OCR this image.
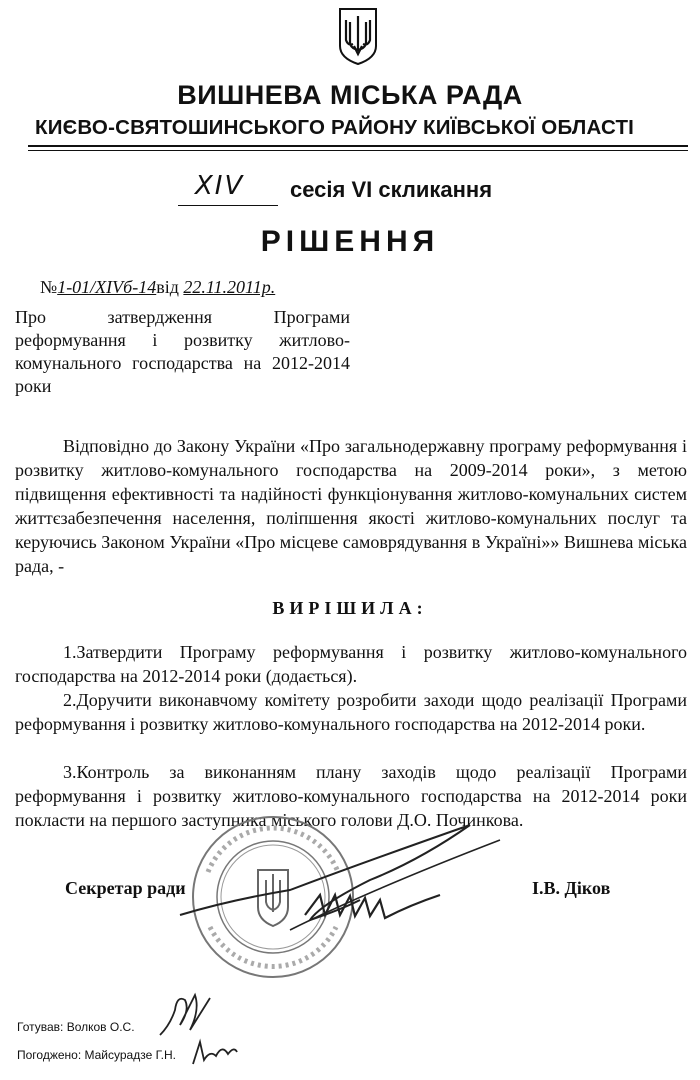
ВИШНЕВА МІСЬКА РАДА
КИЄВО-СВЯТОШИНСЬКОГО РАЙОНУ КИЇВСЬКОЇ ОБЛАСТІ
XIV сесія VI скликання
РІШЕННЯ
№1-01/XIVб-14від 22.11.2011р.
Про затвердження Програми реформування і розвитку житлово-комунального господарства на 2012-2014 роки
Відповідно до Закону України «Про загальнодержавну програму реформування і розвитку житлово-комунального господарства на 2009-2014 роки», з метою підвищення ефективності та надійності функціонування житлово-комунальних систем життєзабезпечення населення, поліпшення якості житлово-комунальних послуг та керуючись Законом України «Про місцеве самоврядування в Україні»» Вишнева міська рада, -
ВИРІШИЛА:
1.Затвердити Програму реформування і розвитку житлово-комунального господарства на 2012-2014 роки (додається).
2.Доручити виконавчому комітету розробити заходи щодо реалізації Програми реформування і розвитку житлово-комунального господарства на 2012-2014 роки.
3.Контроль за виконанням плану заходів щодо реалізації Програми реформування і розвитку житлово-комунального господарства на 2012-2014 роки покласти на першого заступника міського голови Д.О. Починкова.
Секретар ради	І.В. Діков
Готував: Волков О.С.
Погоджено: Майсурадзе Г.Н.
